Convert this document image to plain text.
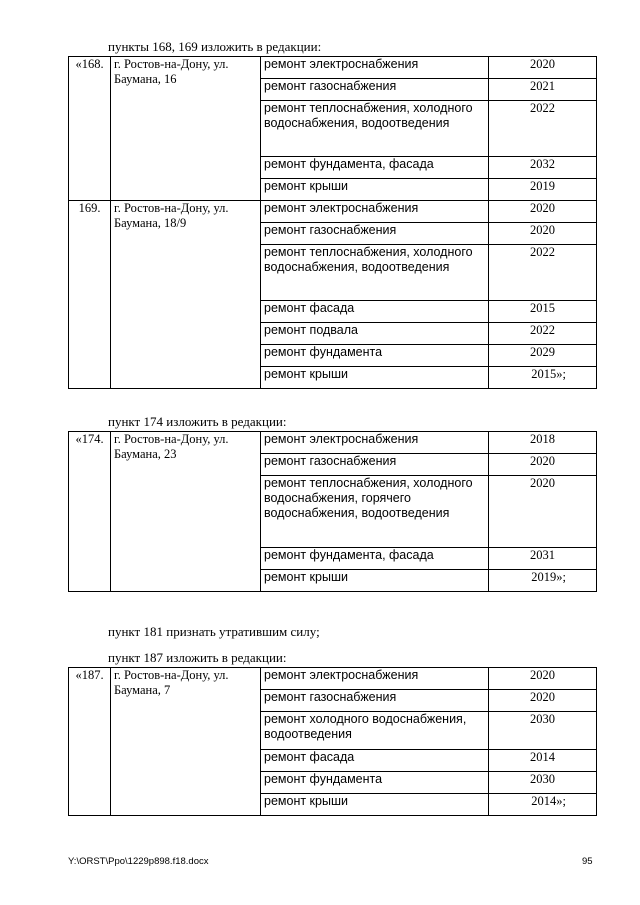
пункты 168, 169 изложить в редакции:
«168.	г. Ростов-на-Дону, ул. Баумана, 16	ремонт электроснабжения	2020
		ремонт газоснабжения	2021
		ремонт теплоснабжения, холодного водоснабжения, водоотведения	2022
		ремонт фундамента, фасада	2032
		ремонт крыши	2019
169.	г. Ростов-на-Дону, ул. Баумана, 18/9	ремонт электроснабжения	2020
		ремонт газоснабжения	2020
		ремонт теплоснабжения, холодного водоснабжения, водоотведения	2022
		ремонт фасада	2015
		ремонт подвала	2022
		ремонт фундамента	2029
		ремонт крыши	2015»;
пункт 174 изложить в редакции:
«174.	г. Ростов-на-Дону, ул. Баумана, 23	ремонт электроснабжения	2018
		ремонт газоснабжения	2020
		ремонт теплоснабжения, холодного водоснабжения, горячего водоснабжения, водоотведения	2020
		ремонт фундамента, фасада	2031
		ремонт крыши	2019»;
пункт 181 признать утратившим силу;
пункт 187 изложить в редакции:
«187.	г. Ростов-на-Дону, ул. Баумана, 7	ремонт электроснабжения	2020
		ремонт газоснабжения	2020
		ремонт холодного водоснабжения, водоотведения	2030
		ремонт фасада	2014
		ремонт фундамента	2030
		ремонт крыши	2014»;
Y:\ORST\Ppo\1229p898.f18.docx	95
